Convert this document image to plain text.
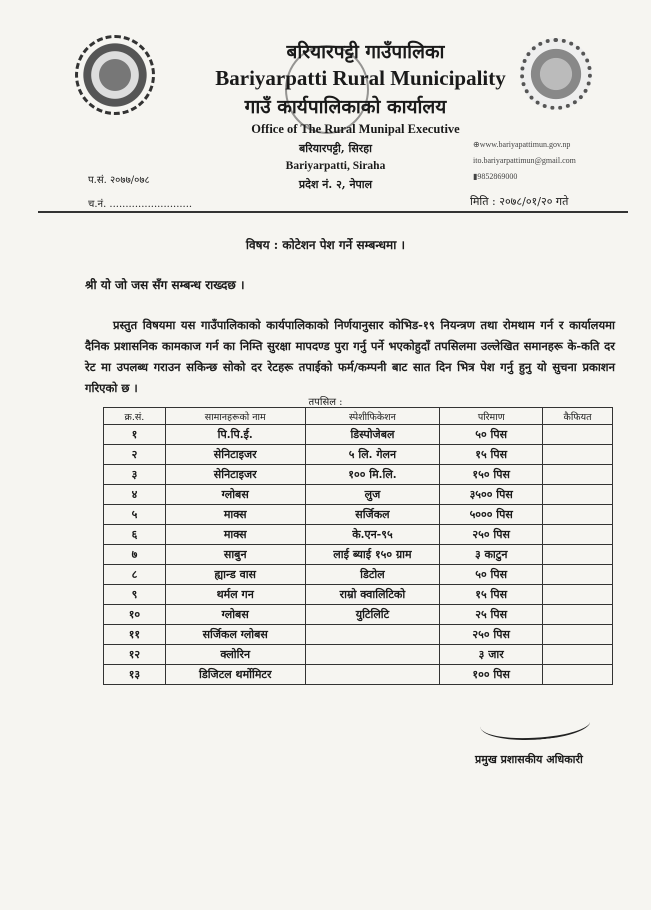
बरियारपट्टी गाउँपालिका
Bariyarpatti Rural Municipality
गाउँ कार्यपालिकाको कार्यालय
Office of The Rural Munipal Executive
बरियारपट्टी, सिरहा
Bariyarpatti, Siraha
प्रदेश नं. २, नेपाल
⊕www.bariyapattimun.gov.np
ito.bariyarpattimun@gmail.com
▮9852869000
प.सं. २०७७/०७८
च.नं. ..........................	मिति : २०७८/०१/२० गते
विषय : कोटेशन पेश गर्ने सम्बन्धमा ।
श्री यो जो जस सँग सम्बन्ध राख्दछ ।
प्रस्तुत विषयमा यस गाउँपालिकाको कार्यपालिकाको निर्णयानुसार कोभिड-१९ नियन्त्रण तथा रोमथाम गर्न र कार्यालयमा दैनिक प्रशासनिक कामकाज गर्न का निम्ति सुरक्षा मापदण्ड पुरा गर्नु पर्ने भएकोहुदाँ तपसिलमा उल्लेखित समानहरू के-कति दर रेट मा उपलब्ध गराउन सकिन्छ सोको दर रेटहरू तपाईको फर्म/कम्पनी बाट सात दिन भित्र पेश गर्नु हुनु यो सुचना प्रकाशन गरिएको छ ।
तपसिल :
क्र.सं.	सामानहरूको नाम	स्पेशीफिकेशन	परिमाण	कैफियत
१	पि.पि.ई.	डिस्पोजेबल	५० पिस	
२	सेनिटाइजर	५ लि. गेलन	१५ पिस	
३	सेनिटाइजर	१०० मि.लि.	१५० पिस	
४	ग्लोबस	लुज	३५०० पिस	
५	माक्स	सर्जिकल	५००० पिस	
६	माक्स	के.एन-९५	२५० पिस	
७	साबुन	लाई ब्याई १५० ग्राम	३ काटुन	
८	ह्यान्ड वास	डिटोल	५० पिस	
९	थर्मल गन	राम्रो क्वालिटिको	१५ पिस	
१०	ग्लोबस	युटिलिटि	२५ पिस	
११	सर्जिकल ग्लोबस		२५० पिस	
१२	क्लोरिन		३ जार	
१३	डिजिटल थर्मोमिटर		१०० पिस	
प्रमुख प्रशासकीय अधिकारी
